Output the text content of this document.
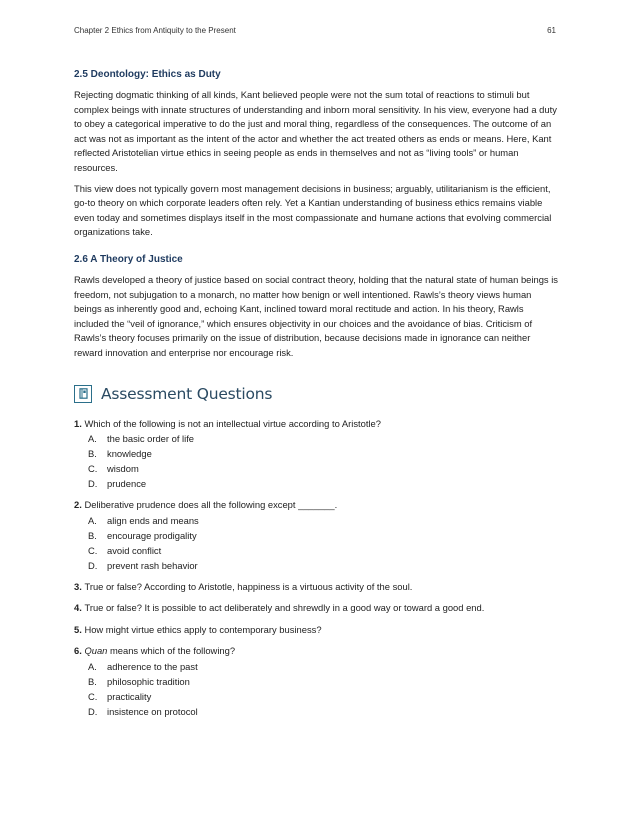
Chapter 2 Ethics from Antiquity to the Present	61
2.5 Deontology: Ethics as Duty

Rejecting dogmatic thinking of all kinds, Kant believed people were not the sum total of reactions to stimuli but complex beings with innate structures of understanding and inborn moral sensitivity. In his view, everyone had a duty to obey a categorical imperative to do the just and moral thing, regardless of the consequences. The outcome of an act was not as important as the intent of the actor and whether the act treated others as ends or means. Here, Kant reflected Aristotelian virtue ethics in seeing people as ends in themselves and not as “living tools” or human resources.

This view does not typically govern most management decisions in business; arguably, utilitarianism is the efficient, go-to theory on which corporate leaders often rely. Yet a Kantian understanding of business ethics remains viable even today and sometimes displays itself in the most compassionate and humane actions that evolving commercial organizations take.

2.6 A Theory of Justice

Rawls developed a theory of justice based on social contract theory, holding that the natural state of human beings is freedom, not subjugation to a monarch, no matter how benign or well intentioned. Rawls’s theory views human beings as inherently good and, echoing Kant, inclined toward moral rectitude and action. In his theory, Rawls included the “veil of ignorance,” which ensures objectivity in our choices and the avoidance of bias. Criticism of Rawls’s theory focuses primarily on the issue of distribution, because decisions made in ignorance can neither reward innovation and enterprise nor encourage risk.

Assessment Questions
1. Which of the following is not an intellectual virtue according to Aristotle?
A.	the basic order of life
B.	knowledge
C.	wisdom
D.	prudence
2. Deliberative prudence does all the following except _______.
A.	align ends and means
B.	encourage prodigality
C.	avoid conflict
D.	prevent rash behavior
3. True or false? According to Aristotle, happiness is a virtuous activity of the soul.
4. True or false? It is possible to act deliberately and shrewdly in a good way or toward a good end.
5. How might virtue ethics apply to contemporary business?
6. Quan means which of the following?
A.	adherence to the past
B.	philosophic tradition
C.	practicality
D.	insistence on protocol
